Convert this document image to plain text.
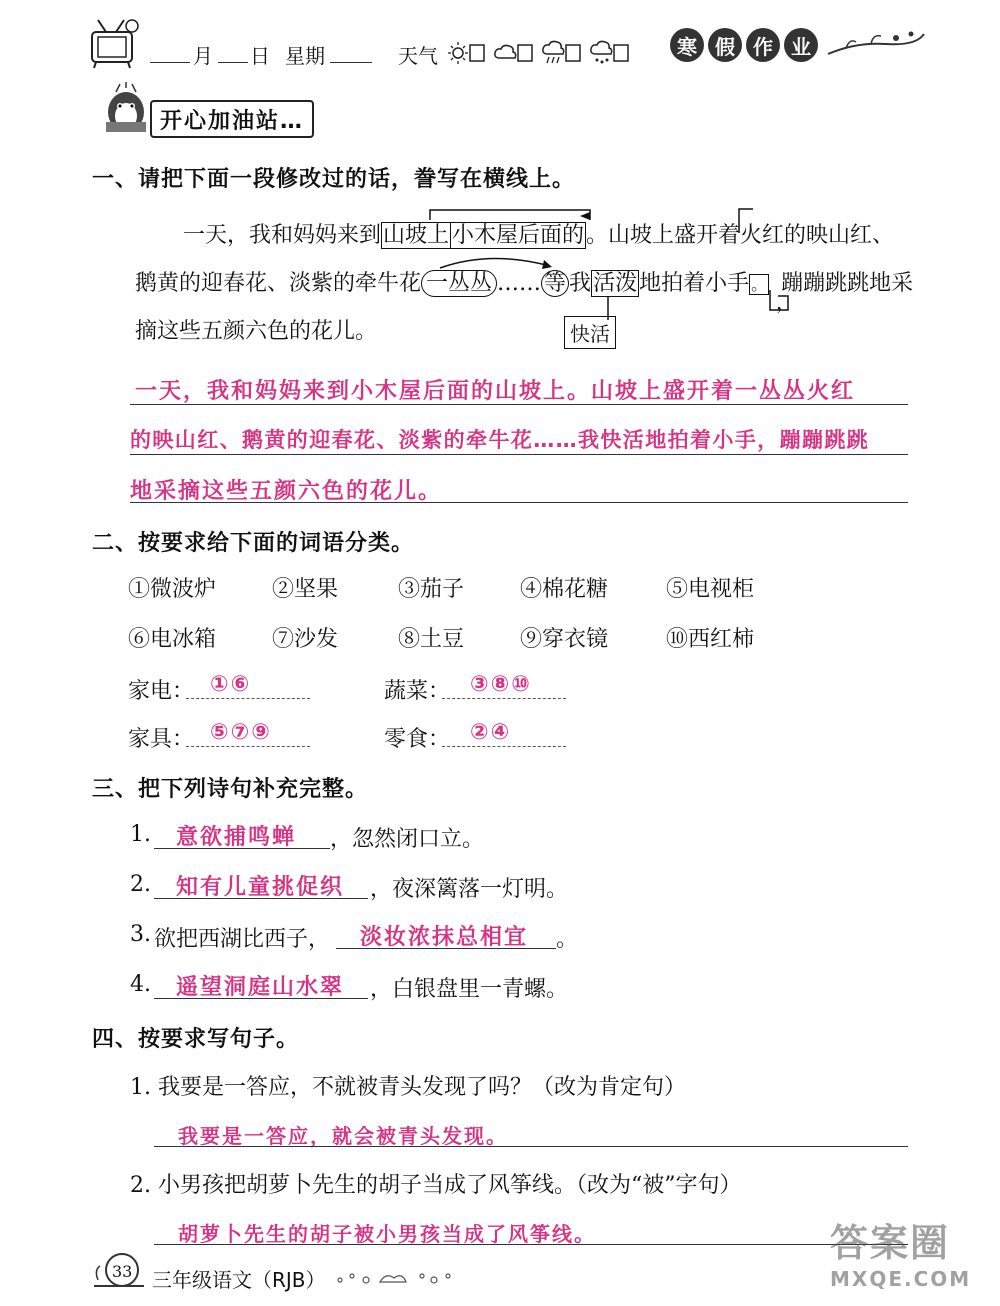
月 日 星期	天气	寒 假 作 业
开心加油站…
一、请把下面一段修改过的话，誊写在横线上。
一天，我和妈妈来到山坡上 小木屋后面的。山坡上盛开着火红的映山红、
鹅黄的迎春花、淡紫的牵牛花 一丛丛 …… 等 我活泼地拍着小手 。 蹦蹦跳跳地采
，
摘这些五颜六色的花儿。	快活
一天，我和妈妈来到小木屋后面的山坡上。山坡上盛开着一丛丛火红
的映山红、鹅黄的迎春花、淡紫的牵牛花……我快活地拍着小手，蹦蹦跳跳
地采摘这些五颜六色的花儿。
二、按要求给下面的词语分类。
①微波炉	②坚果	③茄子	④棉花糖	⑤电视柜
⑥电冰箱	⑦沙发	⑧土豆	⑨穿衣镜	⑩西红柿
家电： ①⑥	蔬菜： ③⑧⑩
家具： ⑤⑦⑨	零食： ②④
三、把下列诗句补充完整。
1. 意欲捕鸣蝉 ，忽然闭口立。
2. 知有儿童挑促织 ，夜深篱落一灯明。
3. 欲把西湖比西子， 淡妆浓抹总相宜 。
4. 遥望洞庭山水翠 ，白银盘里一青螺。
四、按要求写句子。
1. 我要是一答应，不就被青头发现了吗？（改为肯定句）
我要是一答应，就会被青头发现。
2. 小男孩把胡萝卜先生的胡子当成了风筝线。（改为“被”字句）
胡萝卜先生的胡子被小男孩当成了风筝线。
33 三年级语文（RJB）
答案圈
MXQE.COM
